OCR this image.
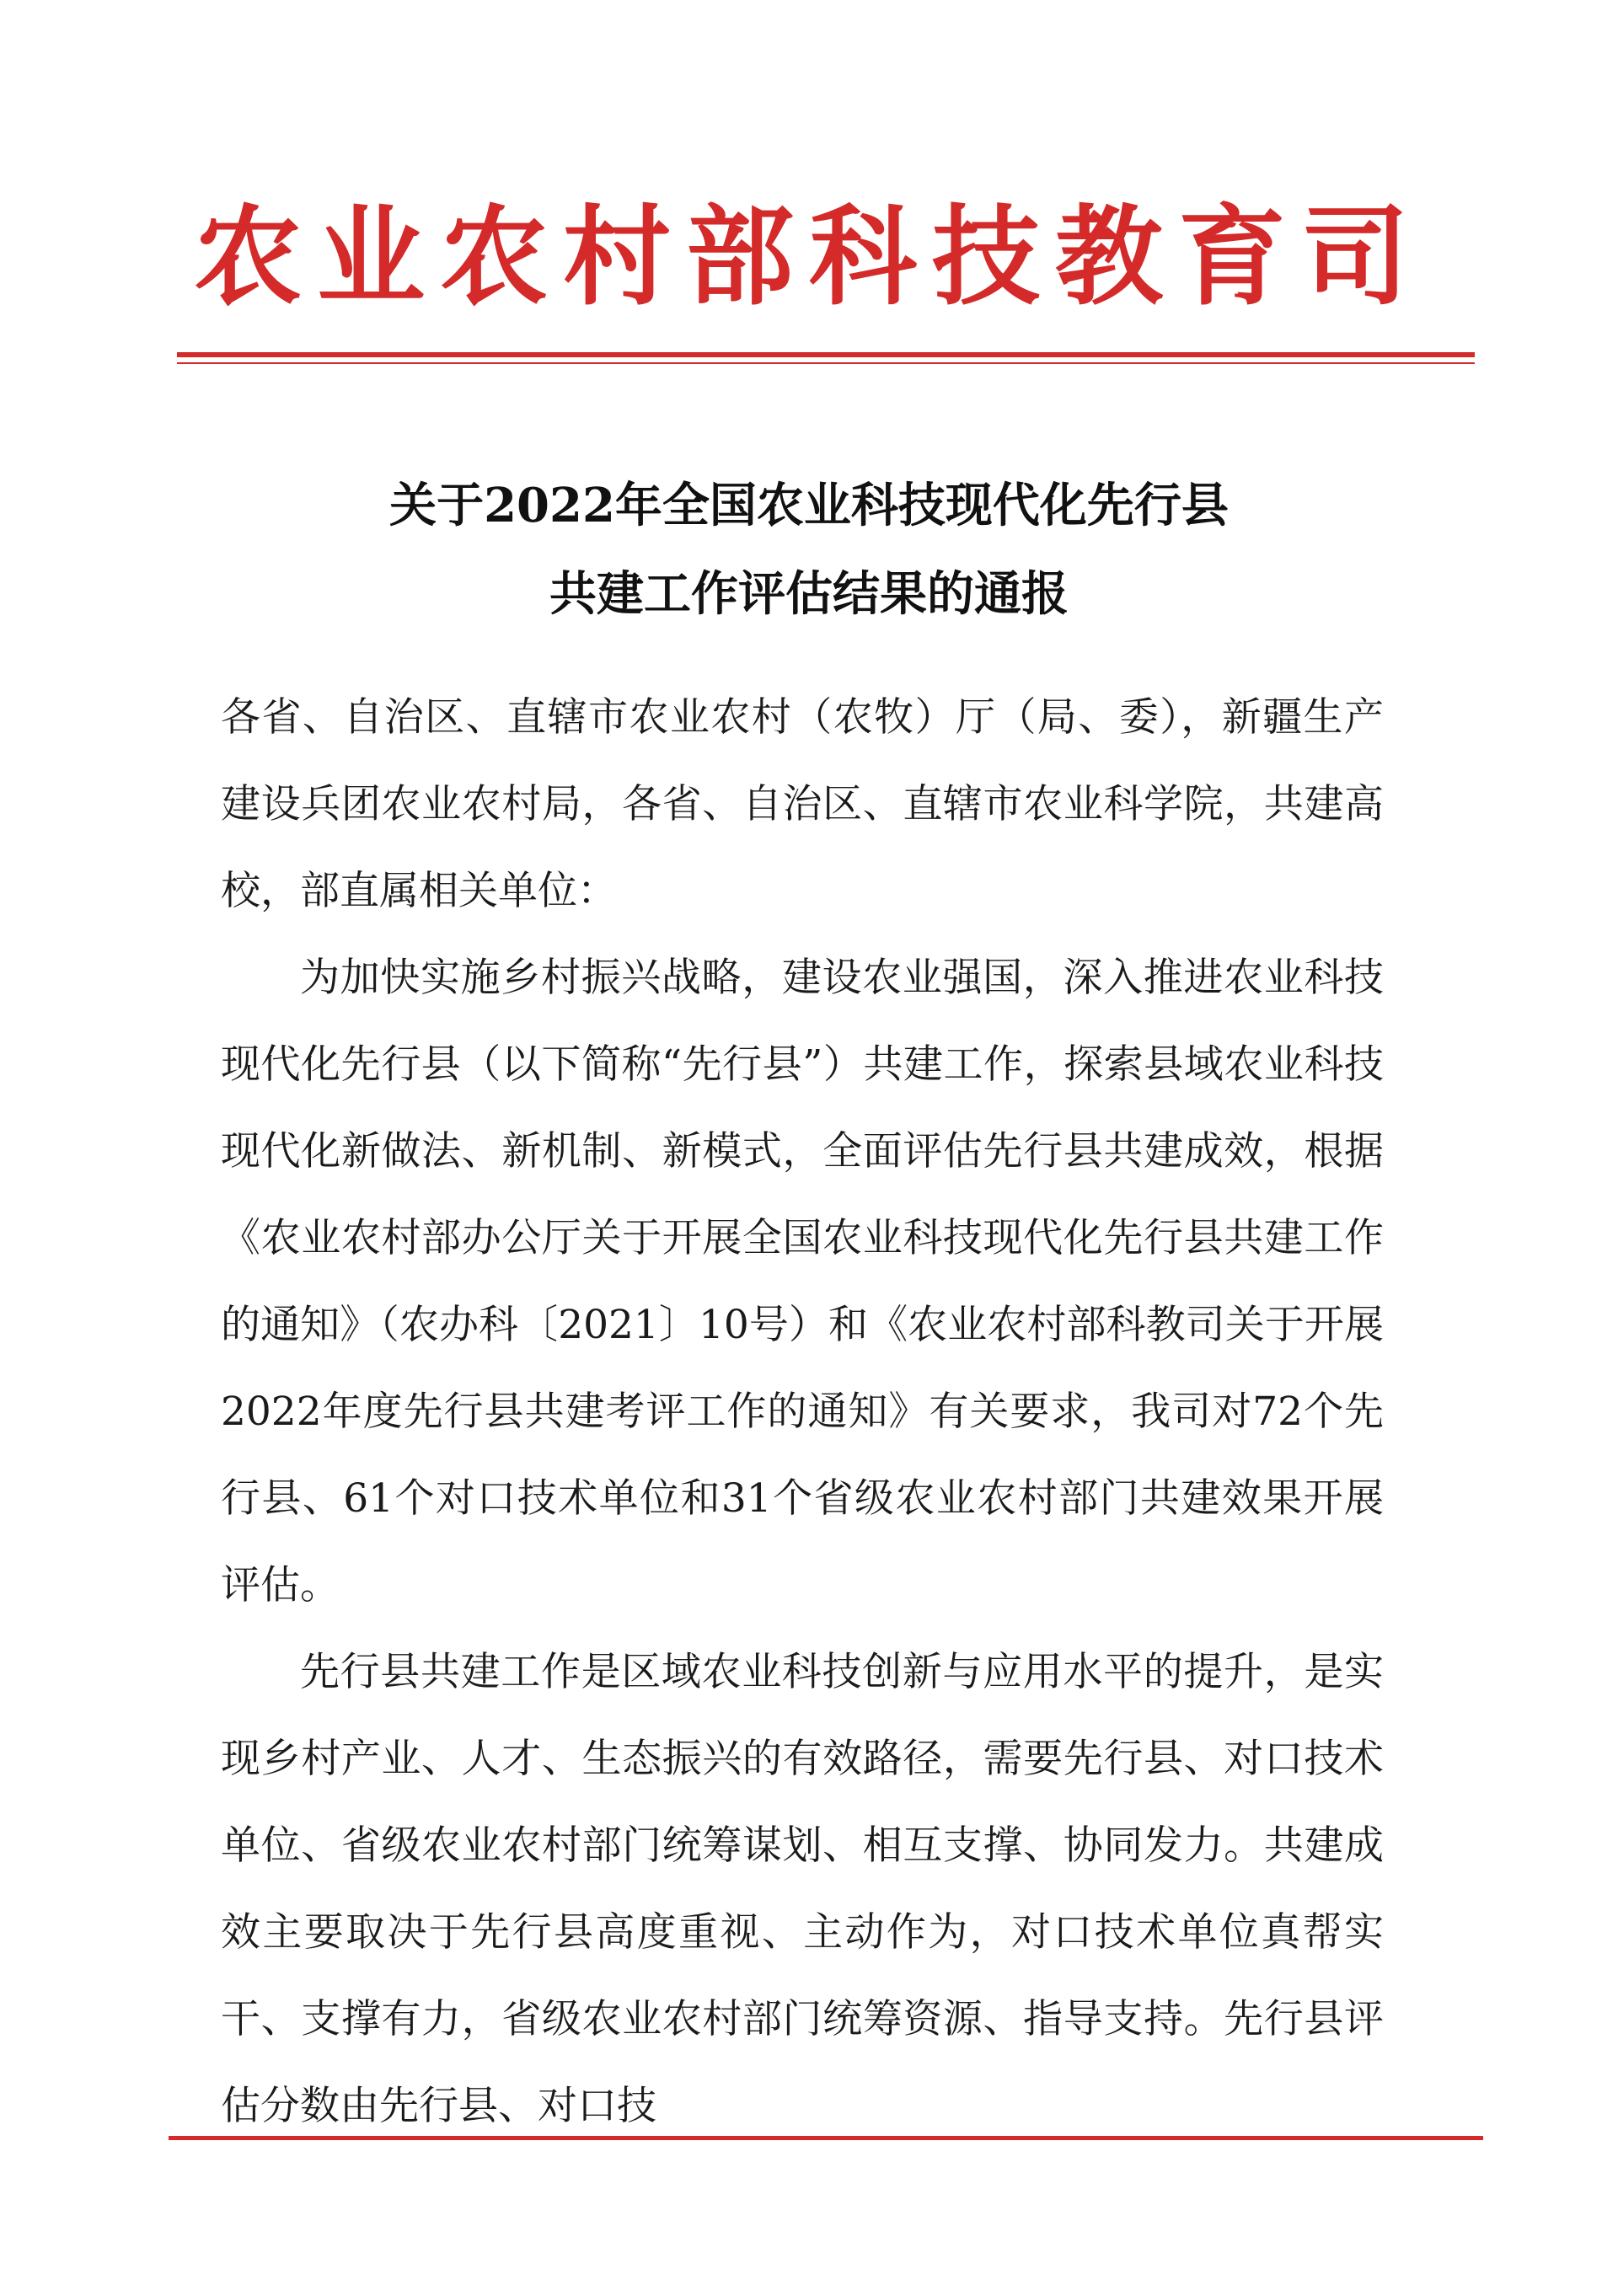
农业农村部科技教育司
关于2022年全国农业科技现代化先行县
共建工作评估结果的通报

各省、自治区、直辖市农业农村（农牧）厅（局、委），新疆生产建设兵团农业农村局，各省、自治区、直辖市农业科学院，共建高校，部直属相关单位：

为加快实施乡村振兴战略，建设农业强国，深入推进农业科技现代化先行县（以下简称“先行县”）共建工作，探索县域农业科技现代化新做法、新机制、新模式，全面评估先行县共建成效，根据《农业农村部办公厅关于开展全国农业科技现代化先行县共建工作的通知》（农办科〔2021〕10号）和《农业农村部科教司关于开展2022年度先行县共建考评工作的通知》有关要求，我司对72个先行县、61个对口技术单位和31个省级农业农村部门共建效果开展评估。

先行县共建工作是区域农业科技创新与应用水平的提升，是实现乡村产业、人才、生态振兴的有效路径，需要先行县、对口技术单位、省级农业农村部门统筹谋划、相互支撑、协同发力。共建成效主要取决于先行县高度重视、主动作为，对口技术单位真帮实干、支撑有力，省级农业农村部门统筹资源、指导支持。先行县评估分数由先行县、对口技
